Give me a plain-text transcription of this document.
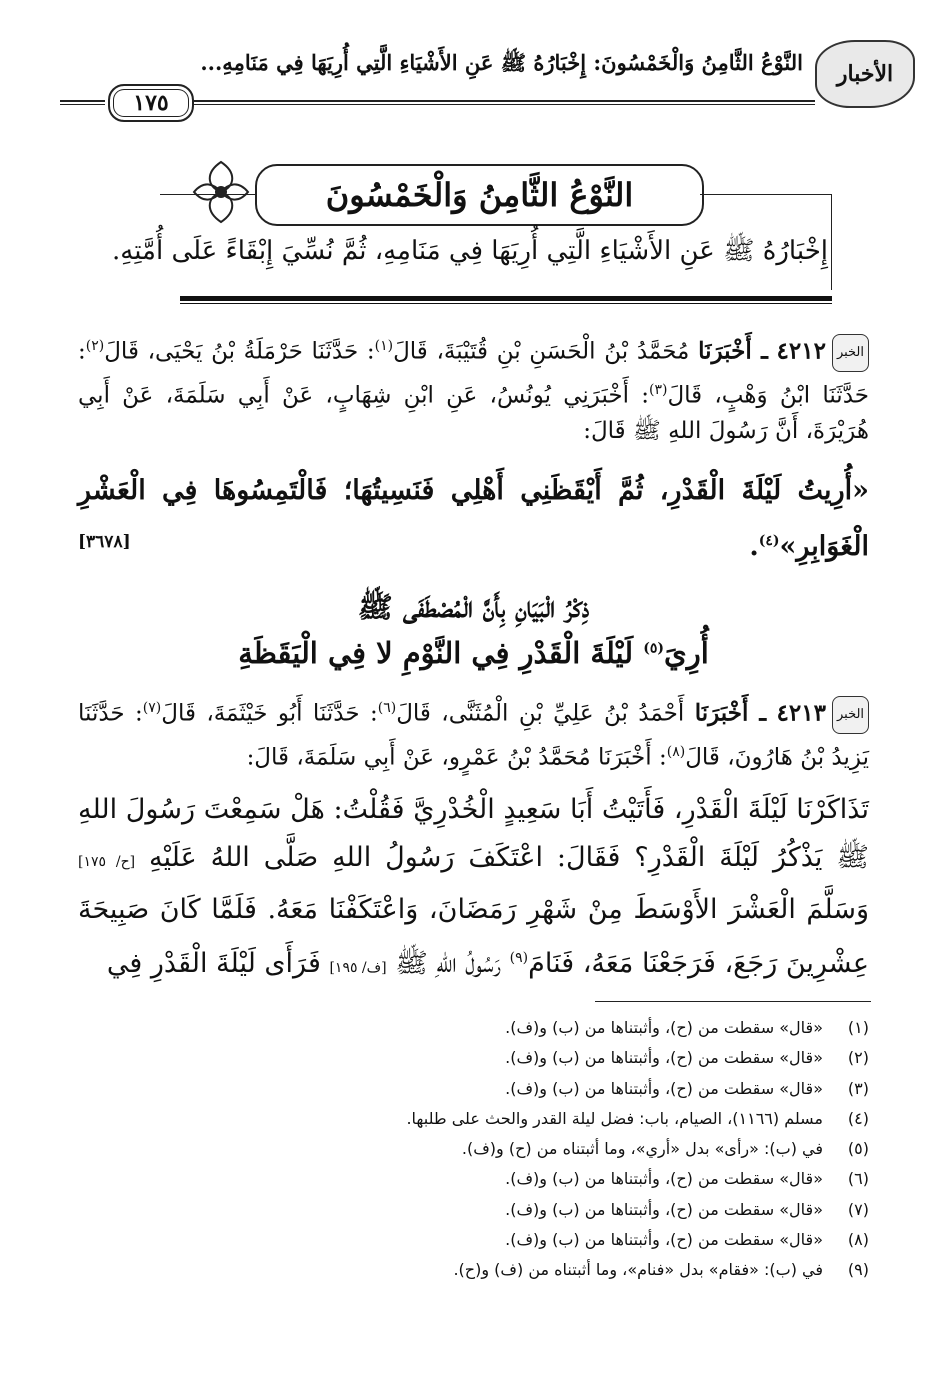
الأخبار
النَّوْعُ الثَّامِنُ وَالْخَمْسُونَ: إِخْبَارُهُ ﷺ عَنِ الأَشْيَاءِ الَّتِي أُرِيَهَا فِي مَنَامِهِ...
١٧٥
النَّوْعُ الثَّامِنُ وَالْخَمْسُونَ
إِخْبَارُهُ ﷺ عَنِ الأَشْيَاءِ الَّتِي أُرِيَهَا فِي مَنَامِهِ، ثُمَّ نُسِّيَ إِبْقَاءً عَلَى أُمَّتِهِ.
الخبر٤٢١٢ ـ أَخْبَرَنَا مُحَمَّدُ بْنُ الْحَسَنِ بْنِ قُتَيْبَةَ، قَالَ$^{(١)}$: حَدَّثَنَا حَرْمَلَةُ بْنُ يَحْيَى، قَالَ$^{(٢)}$: حَدَّثَنَا ابْنُ وَهْبٍ، قَالَ$^{(٣)}$: أَخْبَرَنِي يُونُسُ، عَنِ ابْنِ شِهَابٍ، عَنْ أَبِي سَلَمَةَ، عَنْ أَبِي هُرَيْرَةَ، أَنَّ رَسُولَ اللهِ ﷺ قَالَ:
«أُرِيتُ لَيْلَةَ الْقَدْرِ، ثُمَّ أَيْقَظَنِي أَهْلِي فَنَسِيتُهَا؛ فَالْتَمِسُوهَا فِي الْعَشْرِ الْغَوَابِرِ»$^{(٤)}$.
[٣٦٧٨]
ذِكْرُ الْبَيَانِ بِأَنَّ الْمُصْطَفَى ﷺ
أُرِيَ$^{(٥)}$ لَيْلَةَ الْقَدْرِ فِي النَّوْمِ لا فِي الْيَقَظَةِ
الخبر٤٢١٣ ـ أَخْبَرَنَا أَحْمَدُ بْنُ عَلِيِّ بْنِ الْمُثَنَّى، قَالَ$^{(٦)}$: حَدَّثَنَا أَبُو خَيْثَمَةَ، قَالَ$^{(٧)}$: حَدَّثَنَا يَزِيدُ بْنُ هَارُونَ، قَالَ$^{(٨)}$: أَخْبَرَنَا مُحَمَّدُ بْنُ عَمْرٍو، عَنْ أَبِي سَلَمَةَ، قَالَ:
تَذَاكَرْنَا لَيْلَةَ الْقَدْرِ، فَأَتَيْتُ أَبَا سَعِيدٍ الْخُدْرِيَّ فَقُلْتُ: هَلْ سَمِعْتَ رَسُولَ اللهِ ﷺ يَذْكُرُ لَيْلَةَ الْقَدْرِ؟ فَقَالَ: اعْتَكَفَ رَسُولُ اللهِ صَلَّى اللهُ عَلَيْهِ [ح/ ١٧٥] وَسَلَّمَ الْعَشْرَ الأَوْسَطَ مِنْ شَهْرِ رَمَضَانَ، وَاعْتَكَفْنَا مَعَهُ. فَلَمَّا كَانَ صَبِيحَةَ عِشْرِينَ رَجَعَ، فَرَجَعْنَا مَعَهُ، فَنَامَ$^{(٩)}$ رَسُولُ اللهِ ﷺ [ف/ ١٩٥] فَرَأَى لَيْلَةَ الْقَدْرِ فِي
(١)«قال» سقطت من (ح)، وأثبتناها من (ب) و(ف).
(٢)«قال» سقطت من (ح)، وأثبتناها من (ب) و(ف).
(٣)«قال» سقطت من (ح)، وأثبتناها من (ب) و(ف).
(٤)مسلم (١١٦٦)، الصيام، باب: فضل ليلة القدر والحث على طلبها.
(٥)في (ب): «رأى» بدل «أري»، وما أثبتناه من (ح) و(ف).
(٦)«قال» سقطت من (ح)، وأثبتناها من (ب) و(ف).
(٧)«قال» سقطت من (ح)، وأثبتناها من (ب) و(ف).
(٨)«قال» سقطت من (ح)، وأثبتناها من (ب) و(ف).
(٩)في (ب): «فقام» بدل «فنام»، وما أثبتناه من (ف) و(ح).
